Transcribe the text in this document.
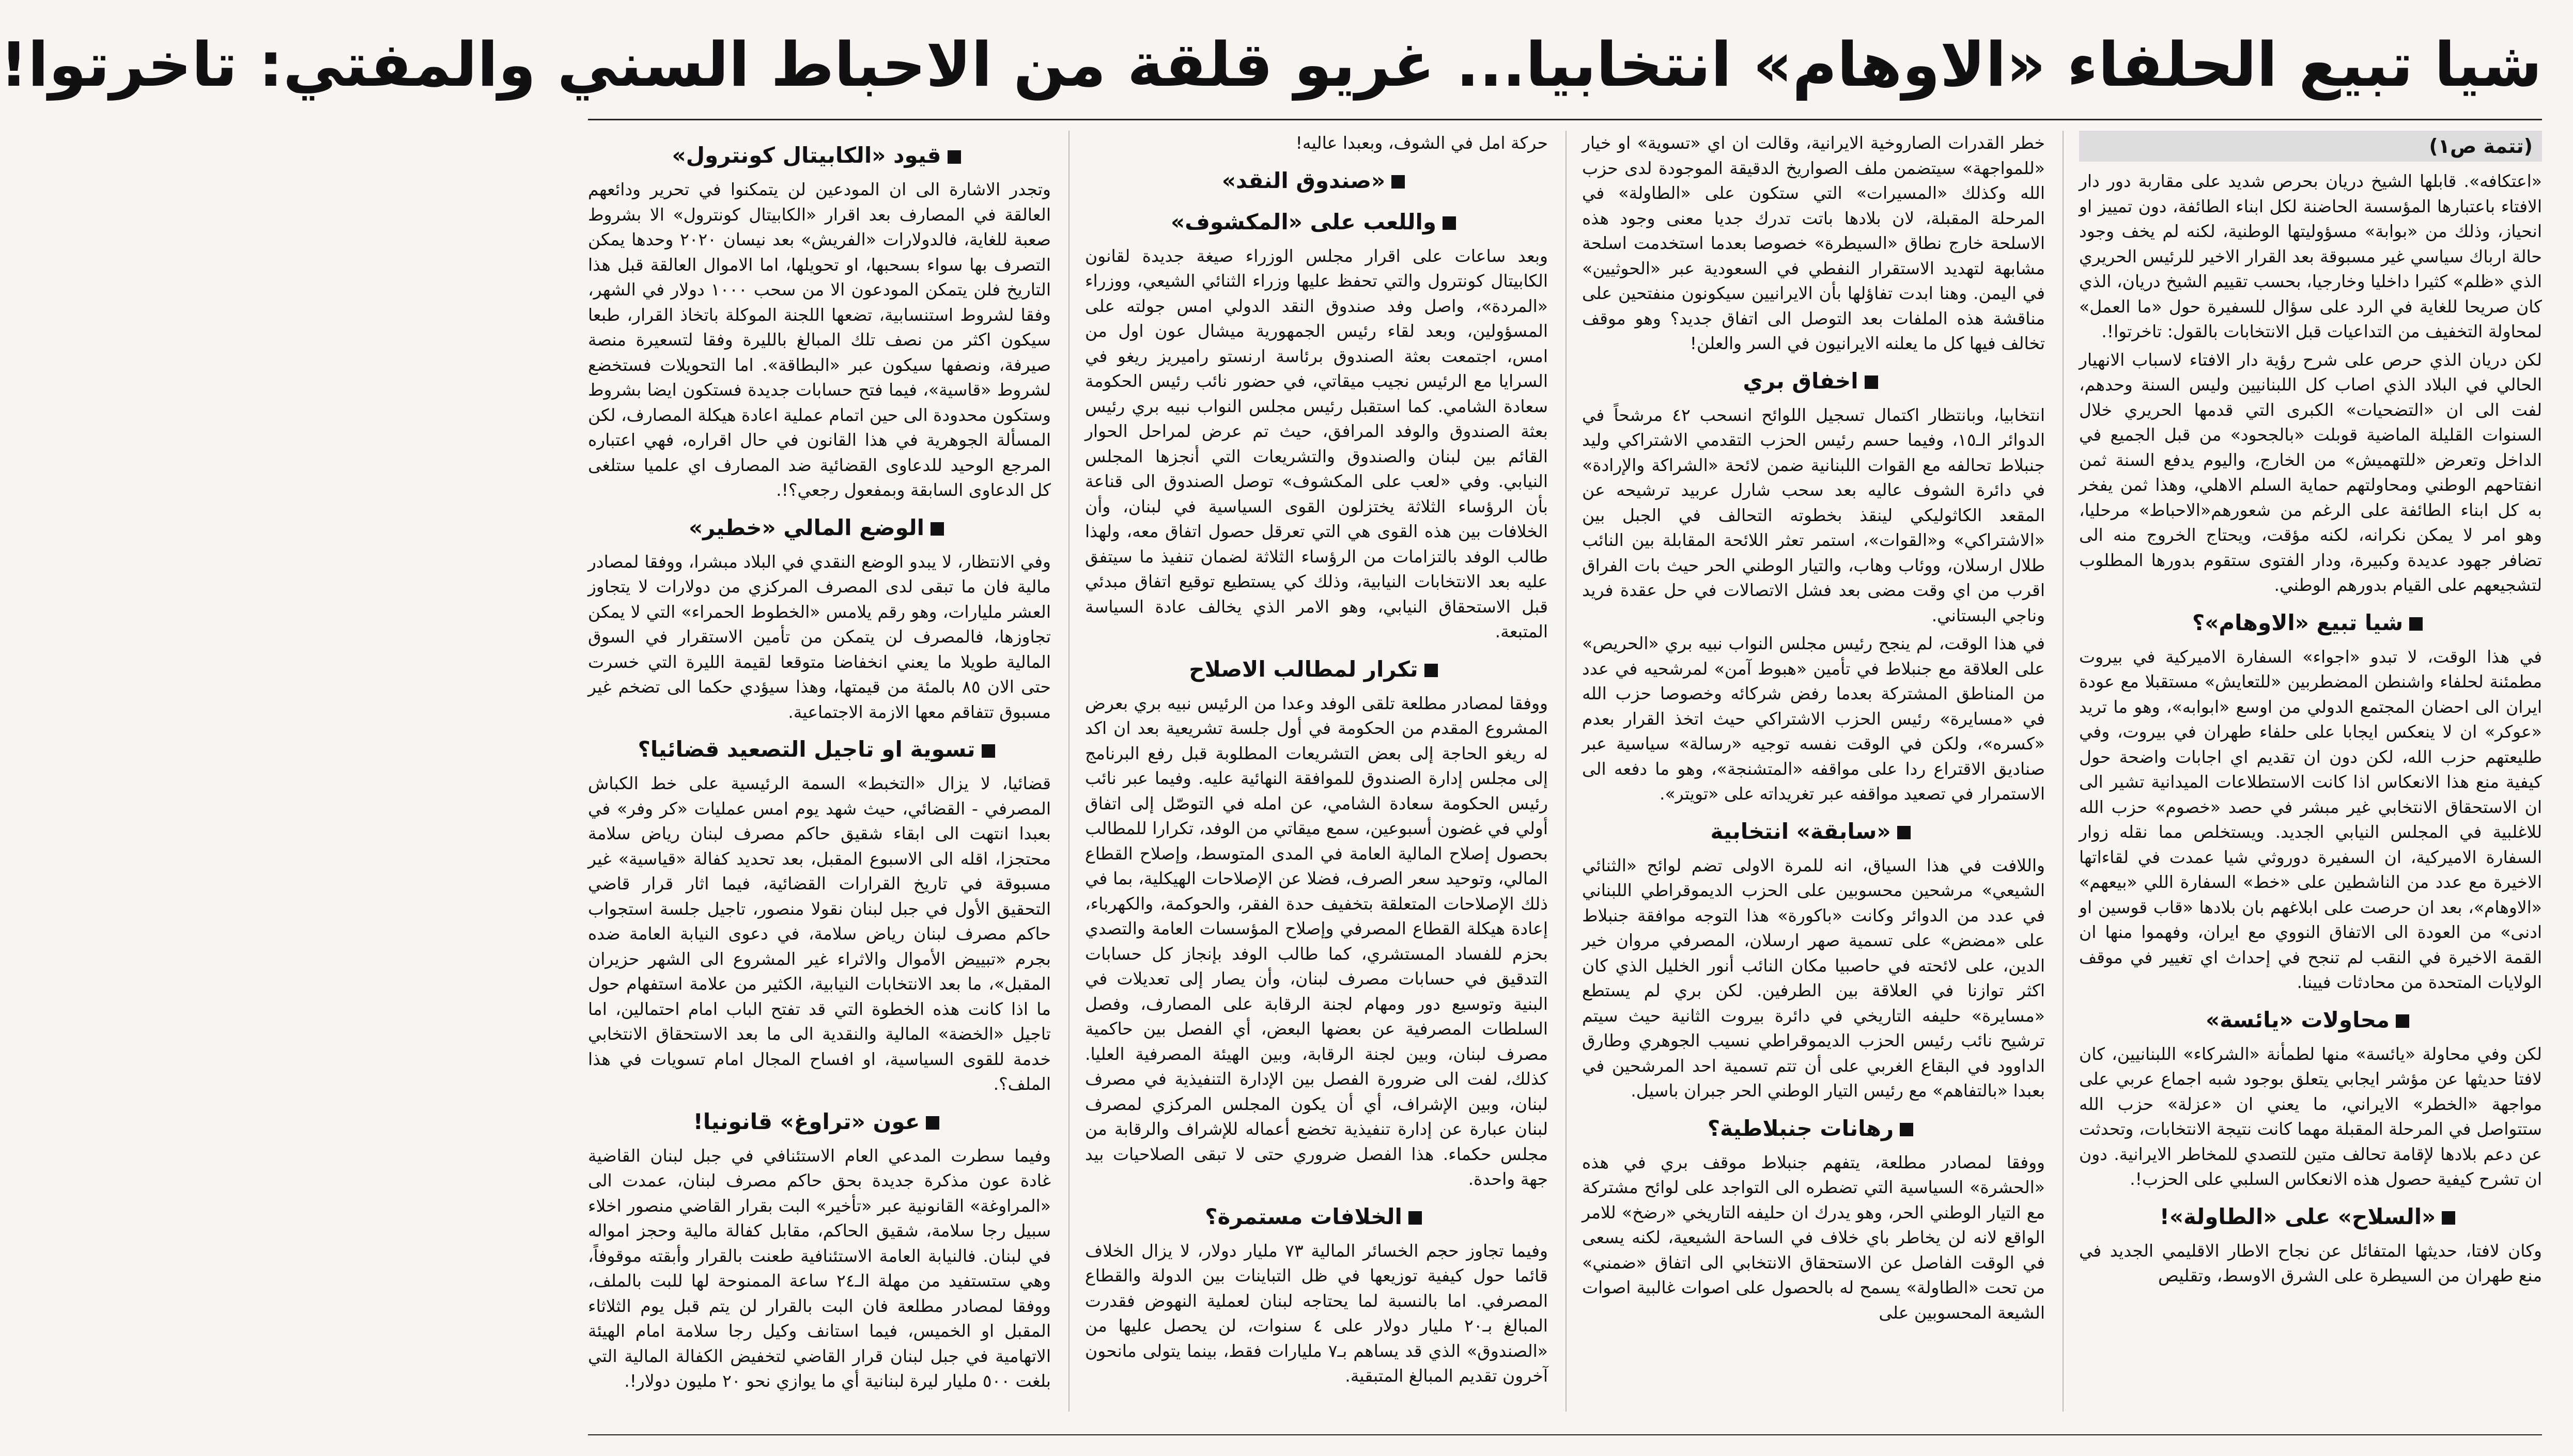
شيا تبيع الحلفاء «الاوهام» انتخابيا... غريو قلقة من الاحباط السني والمفتي: تاخرتوا!
(تتمة ص١)

«اعتكافه». قابلها الشيخ دريان بحرص شديد على مقاربة دور دار الافتاء باعتبارها المؤسسة الحاضنة لكل ابناء الطائفة، دون تمييز او انحياز، وذلك من «بوابة» مسؤوليتها الوطنية، لكنه لم يخف وجود حالة ارباك سياسي غير مسبوقة بعد القرار الاخير للرئيس الحريري الذي «ظلم» كثيرا داخليا وخارجيا، بحسب تقييم الشيخ دريان، الذي كان صريحا للغاية في الرد على سؤال للسفيرة حول «ما العمل» لمحاولة التخفيف من التداعيات قبل الانتخابات بالقول: تاخرتوا!.

لكن دريان الذي حرص على شرح رؤية دار الافتاء لاسباب الانهيار الحالي في البلاد الذي اصاب كل اللبنانيين وليس السنة وحدهم، لفت الى ان «التضحيات» الكبرى التي قدمها الحريري خلال السنوات القليلة الماضية قوبلت «بالجحود» من قبل الجميع في الداخل وتعرض «للتهميش» من الخارج، واليوم يدفع السنة ثمن انفتاحهم الوطني ومحاولتهم حماية السلم الاهلي، وهذا ثمن يفخر به كل ابناء الطائفة على الرغم من شعورهم«الاحباط» مرحليا، وهو امر لا يمكن نكرانه، لكنه مؤقت، ويحتاج الخروج منه الى تضافر جهود عديدة وكبيرة، ودار الفتوى ستقوم بدورها المطلوب لتشجيعهم على القيام بدورهم الوطني.

شيا تبيع «الاوهام»؟

في هذا الوقت، لا تبدو «اجواء» السفارة الاميركية في بيروت مطمئنة لحلفاء واشنطن المضطربين «للتعايش» مستقبلا مع عودة ايران الى احضان المجتمع الدولي من اوسع «ابوابه»، وهو ما تريد «عوكر» ان لا ينعكس ايجابا على حلفاء طهران في بيروت، وفي طليعتهم حزب الله، لكن دون ان تقديم اي اجابات واضحة حول كيفية منع هذا الانعكاس اذا كانت الاستطلاعات الميدانية تشير الى ان الاستحقاق الانتخابي غير مبشر في حصد «خصوم» حزب الله للاغلبية في المجلس النيابي الجديد. ويستخلص مما نقله زوار السفارة الاميركية، ان السفيرة دوروثي شيا عمدت في لقاءاتها الاخيرة مع عدد من الناشطين على «خط» السفارة اللي «بيعهم» «الاوهام»، بعد ان حرصت على ابلاغهم بان بلادها «قاب قوسين او ادنى» من العودة الى الاتفاق النووي مع ايران، وفهموا منها ان القمة الاخيرة في النقب لم تنجح في إحداث اي تغيير في موقف الولايات المتحدة من محادثات فيينا.

محاولات «يائسة»

لكن وفي محاولة «يائسة» منها لطمأنة «الشركاء» اللبنانيين، كان لافتا حديثها عن مؤشر ايجابي يتعلق بوجود شبه اجماع عربي على مواجهة «الخطر» الايراني، ما يعني ان «عزلة» حزب الله ستتواصل في المرحلة المقبلة مهما كانت نتيجة الانتخابات، وتحدثت عن دعم بلادها لإقامة تحالف متين للتصدي للمخاطر الايرانية. دون ان تشرح كيفية حصول هذه الانعكاس السلبي على الحزب!.

«السلاح» على «الطاولة»!

وكان لافتا، حديثها المتفائل عن نجاح الاطار الاقليمي الجديد في منع طهران من السيطرة على الشرق الاوسط، وتقليص

خطر القدرات الصاروخية الايرانية، وقالت ان اي «تسوية» او خيار «للمواجهة» سيتضمن ملف الصواريخ الدقيقة الموجودة لدى حزب الله وكذلك «المسيرات» التي ستكون على «الطاولة» في المرحلة المقبلة، لان بلادها باتت تدرك جديا معنى وجود هذه الاسلحة خارج نطاق «السيطرة» خصوصا بعدما استخدمت اسلحة مشابهة لتهديد الاستقرار النفطي في السعودية عبر «الحوثيين» في اليمن. وهنا ابدت تفاؤلها بأن الايرانيين سيكونون منفتحين على مناقشة هذه الملفات بعد التوصل الى اتفاق جديد؟ وهو موقف تخالف فيها كل ما يعلنه الايرانيون في السر والعلن!

اخفاق بري

انتخابيا، وبانتظار اكتمال تسجيل اللوائح انسحب ٤٢ مرشحاً في الدوائر الـ١٥، وفيما حسم رئيس الحزب التقدمي الاشتراكي وليد جنبلاط تحالفه مع القوات اللبنانية ضمن لائحة «الشراكة والإرادة» في دائرة الشوف عاليه بعد سحب شارل عربيد ترشيحه عن المقعد الكاثوليكي لينقذ بخطوته التحالف في الجبل بين «الاشتراكي» و«القوات»، استمر تعثر اللائحة المقابلة بين النائب طلال ارسلان، ووئاب وهاب، والتيار الوطني الحر حيث بات الفراق اقرب من اي وقت مضى بعد فشل الاتصالات في حل عقدة فريد وناجي البستاني.

في هذا الوقت، لم ينجح رئيس مجلس النواب نبيه بري «الحريص» على العلاقة مع جنبلاط في تأمين «هبوط آمن» لمرشحيه في عدد من المناطق المشتركة بعدما رفض شركائه وخصوصا حزب الله في «مسايرة» رئيس الحزب الاشتراكي حيث اتخذ القرار بعدم «كسره»، ولكن في الوقت نفسه توجيه «رسالة» سياسية عبر صناديق الاقتراع ردا على مواقفه «المتشنجة»، وهو ما دفعه الى الاستمرار في تصعيد مواقفه عبر تغريداته على «تويتر».

«سابقة» انتخابية

واللافت في هذا السياق، انه للمرة الاولى تضم لوائح «الثنائي الشيعي» مرشحين محسوبين على الحزب الديموقراطي اللبناني في عدد من الدوائر وكانت «باكورة» هذا التوجه موافقة جنبلاط على «مضض» على تسمية صهر ارسلان، المصرفي مروان خير الدين، على لائحته في حاصبيا مكان النائب أنور الخليل الذي كان اكثر توازنا في العلاقة بين الطرفين. لكن بري لم يستطع «مسايرة» حليفه التاريخي في دائرة بيروت الثانية حيث سيتم ترشيح نائب رئيس الحزب الديموقراطي نسيب الجوهري وطارق الداوود في البقاع الغربي على أن تتم تسمية احد المرشحين في بعبدا «بالتفاهم» مع رئيس التيار الوطني الحر جبران باسيل.

رهانات جنبلاطية؟

ووفقا لمصادر مطلعة، يتفهم جنبلاط موقف بري في هذه «الحشرة» السياسية التي تضطره الى التواجد على لوائح مشتركة مع التيار الوطني الحر، وهو يدرك ان حليفه التاريخي «رضخ» للامر الواقع لانه لن يخاطر باي خلاف في الساحة الشيعية، لكنه يسعى في الوقت الفاصل عن الاستحقاق الانتخابي الى اتفاق «ضمني» من تحت «الطاولة» يسمح له بالحصول على اصوات غالبية اصوات الشيعة المحسوبين على

حركة امل في الشوف، وبعبدا عاليه!

«صندوق النقد»
واللعب على «المكشوف»

وبعد ساعات على اقرار مجلس الوزراء صيغة جديدة لقانون الكابيتال كونترول والتي تحفظ عليها وزراء الثنائي الشيعي، ووزراء «المردة»، واصل وفد صندوق النقد الدولي امس جولته على المسؤولين، وبعد لقاء رئيس الجمهورية ميشال عون اول من امس، اجتمعت بعثة الصندوق برئاسة ارنستو راميريز ريغو في السرايا مع الرئيس نجيب ميقاتي، في حضور نائب رئيس الحكومة سعادة الشامي. كما استقبل رئيس مجلس النواب نبيه بري رئيس بعثة الصندوق والوفد المرافق، حيث تم عرض لمراحل الحوار القائم بين لبنان والصندوق والتشريعات التي أنجزها المجلس النيابي. وفي «لعب على المكشوف» توصل الصندوق الى قناعة بأن الرؤساء الثلاثة يختزلون القوى السياسية في لبنان، وأن الخلافات بين هذه القوى هي التي تعرقل حصول اتفاق معه، ولهذا طالب الوفد بالتزامات من الرؤساء الثلاثة لضمان تنفيذ ما سيتفق عليه بعد الانتخابات النيابية، وذلك كي يستطيع توقيع اتفاق مبدئي قبل الاستحقاق النيابي، وهو الامر الذي يخالف عادة السياسة المتبعة.

تكرار لمطالب الاصلاح

ووفقا لمصادر مطلعة تلقى الوفد وعدا من الرئيس نبيه بري بعرض المشروع المقدم من الحكومة في أول جلسة تشريعية بعد ان اكد له ريغو الحاجة إلى بعض التشريعات المطلوبة قبل رفع البرنامج إلى مجلس إدارة الصندوق للموافقة النهائية عليه. وفيما عبر نائب رئيس الحكومة سعادة الشامي، عن امله في التوصّل إلى اتفاق أولي في غضون أسبوعين، سمع ميقاتي من الوفد، تكرارا للمطالب بحصول إصلاح المالية العامة في المدى المتوسط، وإصلاح القطاع المالي، وتوحيد سعر الصرف، فضلا عن الإصلاحات الهيكلية، بما في ذلك الإصلاحات المتعلقة بتخفيف حدة الفقر، والحوكمة، والكهرباء، إعادة هيكلة القطاع المصرفي وإصلاح المؤسسات العامة والتصدي بحزم للفساد المستشري، كما طالب الوفد بإنجاز كل حسابات التدقيق في حسابات مصرف لبنان، وأن يصار إلى تعديلات في البنية وتوسيع دور ومهام لجنة الرقابة على المصارف، وفصل السلطات المصرفية عن بعضها البعض، أي الفصل بين حاكمية مصرف لبنان، وبين لجنة الرقابة، وبين الهيئة المصرفية العليا. كذلك، لفت الى ضرورة الفصل بين الإدارة التنفيذية في مصرف لبنان، وبين الإشراف، أي أن يكون المجلس المركزي لمصرف لبنان عبارة عن إدارة تنفيذية تخضع أعماله للإشراف والرقابة من مجلس حكماء. هذا الفصل ضروري حتى لا تبقى الصلاحيات بيد جهة واحدة.

الخلافات مستمرة؟

وفيما تجاوز حجم الخسائر المالية ٧٣ مليار دولار، لا يزال الخلاف قائما حول كيفية توزيعها في ظل التباينات بين الدولة والقطاع المصرفي. اما بالنسبة لما يحتاجه لبنان لعملية النهوض فقدرت المبالغ بـ٢٠ مليار دولار على ٤ سنوات، لن يحصل عليها من «الصندوق» الذي قد يساهم بـ٧ مليارات فقط، بينما يتولى مانحون آخرون تقديم المبالغ المتبقية.

قيود «الكابيتال كونترول»

وتجدر الاشارة الى ان المودعين لن يتمكنوا في تحرير ودائعهم العالقة في المصارف بعد اقرار «الكابيتال كونترول» الا بشروط صعبة للغاية، فالدولارات «الفريش» بعد نيسان ٢٠٢٠ وحدها يمكن التصرف بها سواء بسحبها، او تحويلها، اما الاموال العالقة قبل هذا التاريخ فلن يتمكن المودعون الا من سحب ١٠٠٠ دولار في الشهر، وفقا لشروط استنسابية، تضعها اللجنة الموكلة باتخاذ القرار، طبعا سيكون اكثر من نصف تلك المبالغ بالليرة وفقا لتسعيرة منصة صيرفة، ونصفها سيكون عبر «البطاقة». اما التحويلات فستخضع لشروط «قاسية»، فيما فتح حسابات جديدة فستكون ايضا بشروط وستكون محدودة الى حين اتمام عملية اعادة هيكلة المصارف، لكن المسألة الجوهرية في هذا القانون في حال اقراره، فهي اعتباره المرجع الوحيد للدعاوى القضائية ضد المصارف اي علميا ستلغى كل الدعاوى السابقة وبمفعول رجعي؟!.

الوضع المالي «خطير»

وفي الانتظار، لا يبدو الوضع النقدي في البلاد مبشرا، ووفقا لمصادر مالية فان ما تبقى لدى المصرف المركزي من دولارات لا يتجاوز العشر مليارات، وهو رقم يلامس «الخطوط الحمراء» التي لا يمكن تجاوزها، فالمصرف لن يتمكن من تأمين الاستقرار في السوق المالية طويلا ما يعني انخفاضا متوقعا لقيمة الليرة التي خسرت حتى الان ٨٥ بالمئة من قيمتها، وهذا سيؤدي حكما الى تضخم غير مسبوق تتفاقم معها الازمة الاجتماعية.

تسوية او تاجيل التصعيد قضائيا؟

قضائيا، لا يزال «التخبط» السمة الرئيسية على خط الكباش المصرفي - القضائي، حيث شهد يوم امس عمليات «كر وفر» في بعبدا انتهت الى ابقاء شقيق حاكم مصرف لبنان رياض سلامة محتجزا، اقله الى الاسبوع المقبل، بعد تحديد كفالة «قياسية» غير مسبوقة في تاريخ القرارات القضائية، فيما اثار قرار قاضي التحقيق الأول في جبل لبنان نقولا منصور، تاجيل جلسة استجواب حاكم مصرف لبنان رياض سلامة، في دعوى النيابة العامة ضده بجرم «تبييض الأموال والاثراء غير المشروع الى الشهر حزيران المقبل»، ما بعد الانتخابات النيابية، الكثير من علامة استفهام حول ما اذا كانت هذه الخطوة التي قد تفتح الباب امام احتمالين، اما تاجيل «الخضة» المالية والنقدية الى ما بعد الاستحقاق الانتخابي خدمة للقوى السياسية، او افساح المجال امام تسويات في هذا الملف؟.

عون «تراوغ» قانونيا!

وفيما سطرت المدعي العام الاستئنافي في جبل لبنان القاضية غادة عون مذكرة جديدة بحق حاكم مصرف لبنان، عمدت الى «المراوغة» القانونية عبر «تأخير» البت بقرار القاضي منصور اخلاء سبيل رجا سلامة، شقيق الحاكم، مقابل كفالة مالية وحجز امواله في لبنان. فالنيابة العامة الاستئنافية طعنت بالقرار وأبقته موقوفاً، وهي ستستفيد من مهلة الـ٢٤ ساعة الممنوحة لها للبت بالملف، ووفقا لمصادر مطلعة فان البت بالقرار لن يتم قبل يوم الثلاثاء المقبل او الخميس، فيما استانف وكيل رجا سلامة امام الهيئة الاتهامية في جبل لبنان قرار القاضي لتخفيض الكفالة المالية التي بلغت ٥٠٠ مليار ليرة لبنانية أي ما يوازي نحو ٢٠ مليون دولار!.
